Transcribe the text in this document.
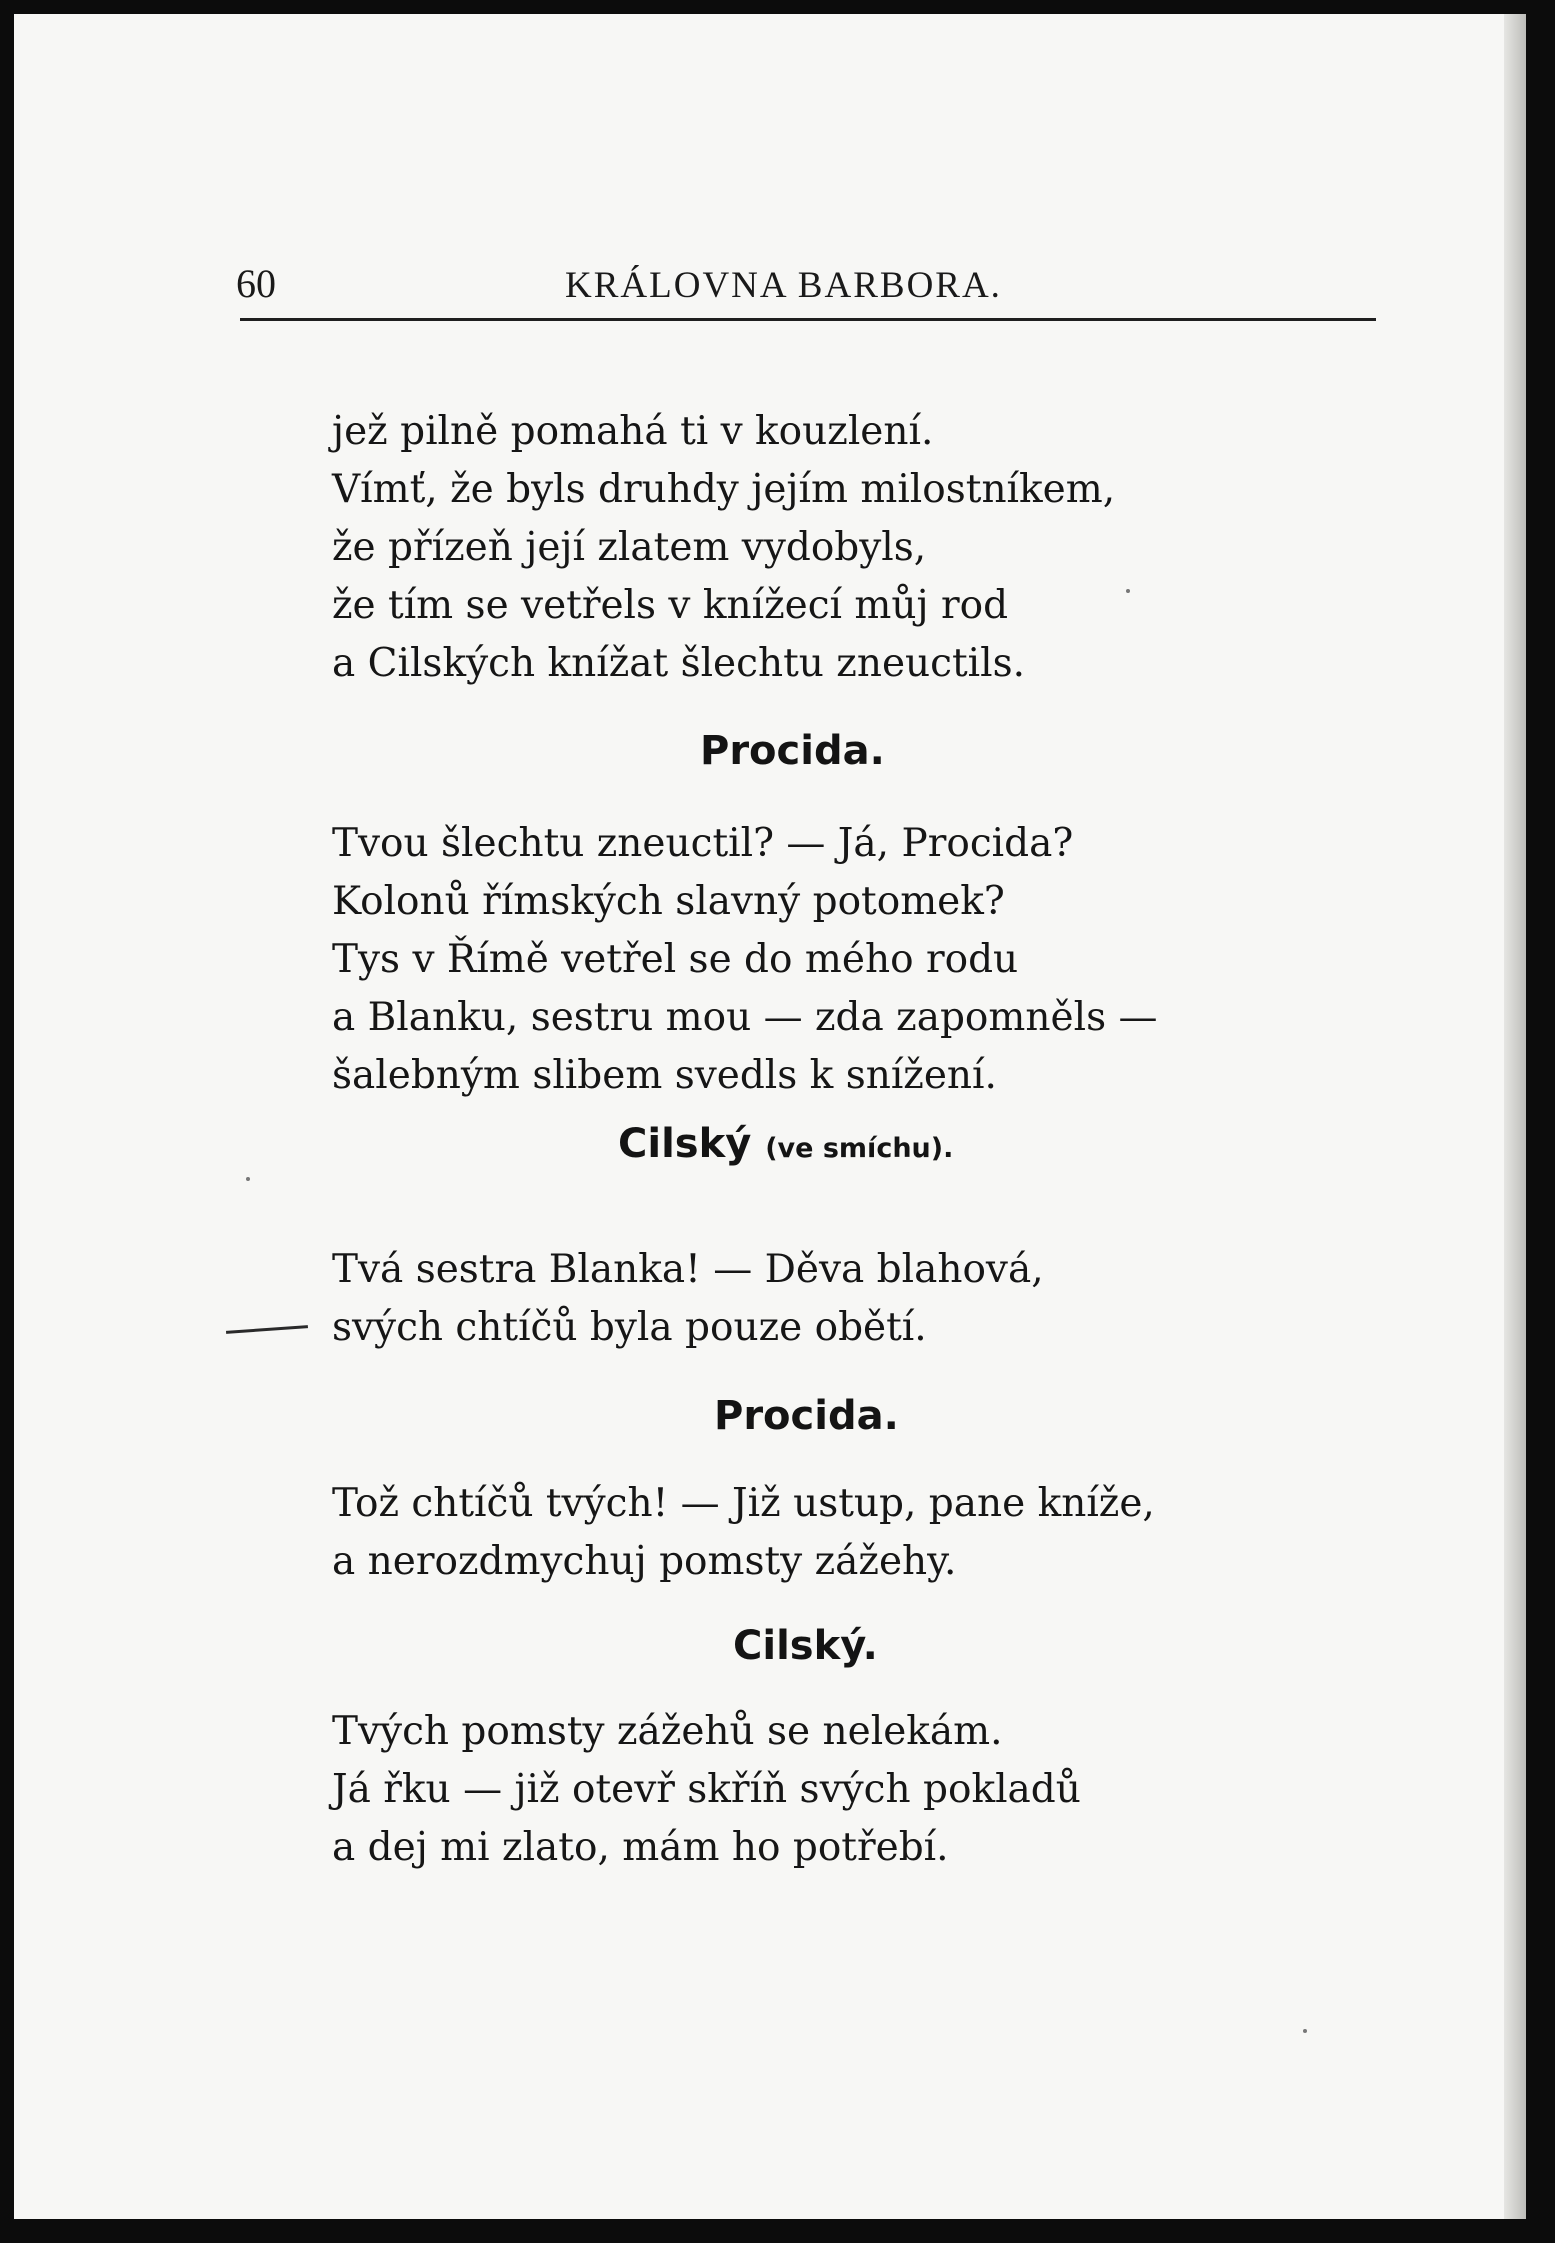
60	KRÁLOVNA BARBORA.
jež pilně pomahá ti v kouzlení.
Vímť, že byls druhdy jejím milostníkem,
že přízeň její zlatem vydobyls,
že tím se vetřels v knížecí můj rod
a Cilských knížat šlechtu zneuctils.
Procida.
Tvou šlechtu zneuctil? — Já, Procida?
Kolonů římských slavný potomek?
Tys v Římě vetřel se do mého rodu
a Blanku, sestru mou — zda zapomněls —
šalebným slibem svedls k snížení.
Cilský (ve smíchu).
Tvá sestra Blanka! — Děva blahová,
svých chtíčů byla pouze obětí.
Procida.
Tož chtíčů tvých! — Již ustup, pane kníže,
a nerozdmychuj pomsty zážehy.
Cilský.
Tvých pomsty zážehů se nelekám.
Já řku — již otevř skříň svých pokladů
a dej mi zlato, mám ho potřebí.
